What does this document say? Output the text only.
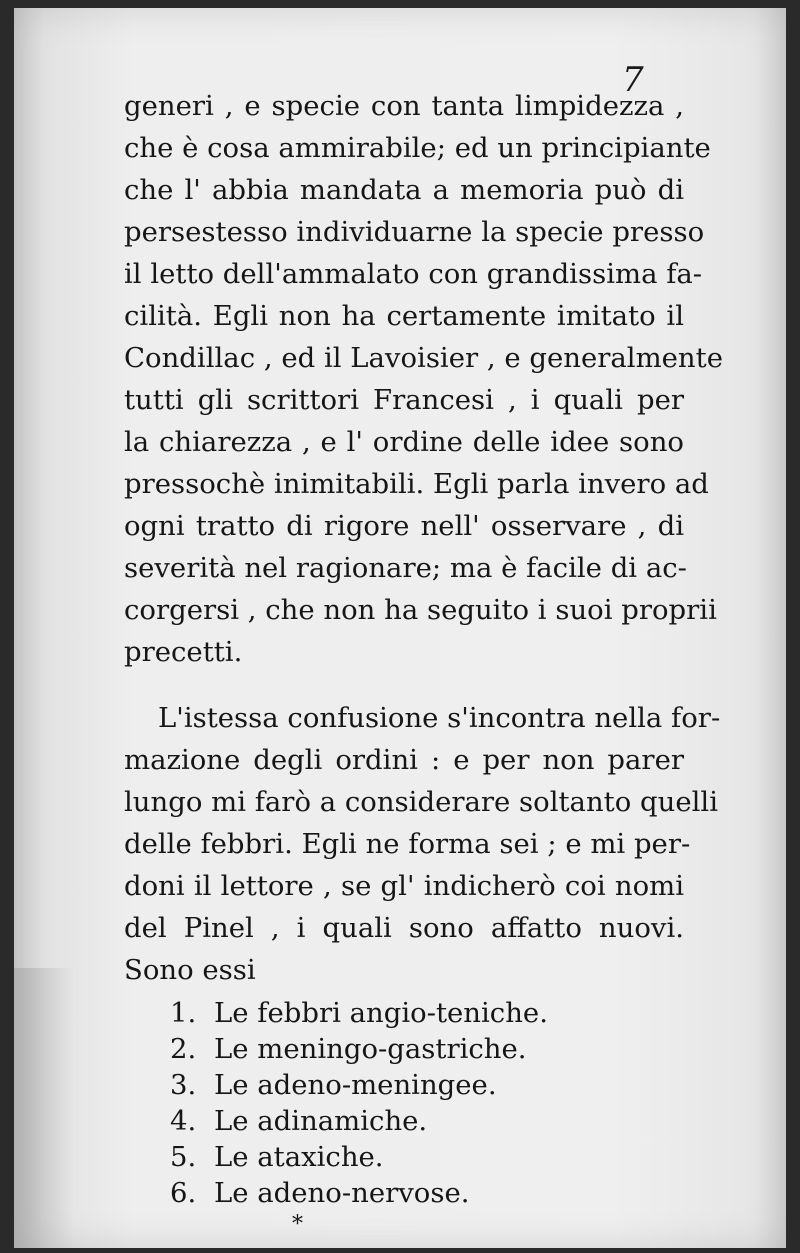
7
generi , e specie con tanta limpidezza ,
che è cosa ammirabile; ed un principiante
che l' abbia mandata a memoria può di
persestesso individuarne la specie presso
il letto dell'ammalato con grandissima fa-
cilità. Egli non ha certamente imitato il
Condillac , ed il Lavoisier , e generalmente
tutti gli scrittori Francesi , i quali per
la chiarezza , e l' ordine delle idee sono
pressochè inimitabili. Egli parla invero ad
ogni tratto di rigore nell' osservare , di
severità nel ragionare; ma è facile di ac-
corgersi , che non ha seguito i suoi proprii
precetti.
L'istessa confusione s'incontra nella for-
mazione degli ordini : e per non parer
lungo mi farò a considerare soltanto quelli
delle febbri. Egli ne forma sei ; e mi per-
doni il lettore , se gl' indicherò coi nomi
del Pinel , i quali sono affatto nuovi.
Sono essi
1. Le febbri angio-teniche.
2. Le meningo-gastriche.
3. Le adeno-meningee.
4. Le adinamiche.
5. Le ataxiche.
6. Le adeno-nervose.
*
